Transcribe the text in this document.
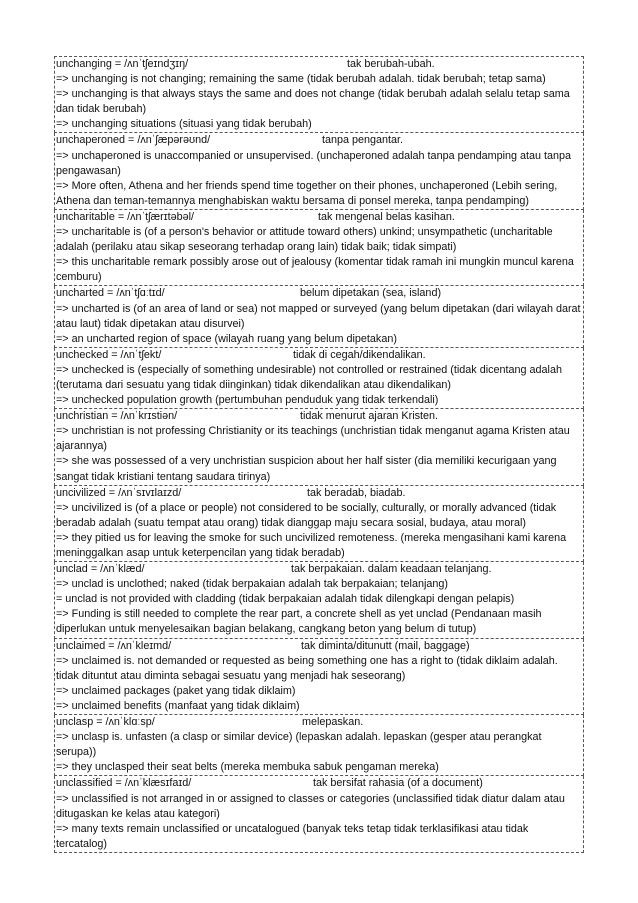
unchanging = /ʌnˈtʃeɪndʒɪŋ/	tak berubah-ubah.
=> unchanging is not changing; remaining the same (tidak berubah adalah. tidak berubah; tetap sama)
=> unchanging is that always stays the same and does not change (tidak berubah adalah selalu tetap sama dan tidak berubah)
=> unchanging situations (situasi yang tidak berubah)
unchaperoned = /ʌnˈʃæpərəʊnd/	tanpa pengantar.
=> unchaperoned is unaccompanied or unsupervised. (unchaperoned adalah tanpa pendamping atau tanpa pengawasan)
=> More often, Athena and her friends spend time together on their phones, unchaperoned (Lebih sering, Athena dan teman-temannya menghabiskan waktu bersama di ponsel mereka, tanpa pendamping)
uncharitable = /ʌnˈtʃærɪtəbəl/	tak mengenal belas kasihan.
=> uncharitable is (of a person's behavior or attitude toward others) unkind; unsympathetic (uncharitable adalah (perilaku atau sikap seseorang terhadap orang lain) tidak baik; tidak simpati)
=> this uncharitable remark possibly arose out of jealousy (komentar tidak ramah ini mungkin muncul karena cemburu)
uncharted = /ʌnˈtʃɑːtɪd/	belum dipetakan (sea, island)
=> uncharted is (of an area of land or sea) not mapped or surveyed (yang belum dipetakan (dari wilayah darat atau laut) tidak dipetakan atau disurvei)
=> an uncharted region of space (wilayah ruang yang belum dipetakan)
unchecked = /ʌnˈtʃekt/	tidak di cegah/dikendalikan.
=> unchecked is (especially of something undesirable) not controlled or restrained (tidak dicentang adalah (terutama dari sesuatu yang tidak diinginkan) tidak dikendalikan atau dikendalikan)
=> unchecked population growth (pertumbuhan penduduk yang tidak terkendali)
unchristian = /ʌnˈkrɪstiən/	tidak menurut ajaran Kristen.
=> unchristian is not professing Christianity or its teachings (unchristian tidak menganut agama Kristen atau ajarannya)
=> she was possessed of a very unchristian suspicion about her half sister (dia memiliki kecurigaan yang sangat tidak kristiani tentang saudara tirinya)
uncivilized = /ʌnˈsɪvɪlaɪzd/	tak beradab, biadab.
=> uncivilized is (of a place or people) not considered to be socially, culturally, or morally advanced (tidak beradab adalah (suatu tempat atau orang) tidak dianggap maju secara sosial, budaya, atau moral)
=> they pitied us for leaving the smoke for such uncivilized remoteness. (mereka mengasihani kami karena meninggalkan asap untuk keterpencilan yang tidak beradab)
unclad = /ʌnˈklæd/	tak berpakaian. dalam keadaan telanjang.
=> unclad is unclothed; naked (tidak berpakaian adalah tak berpakaian; telanjang)
= unclad is not provided with cladding (tidak berpakaian adalah tidak dilengkapi dengan pelapis)
=> Funding is still needed to complete the rear part, a concrete shell as yet unclad (Pendanaan masih diperlukan untuk menyelesaikan bagian belakang, cangkang beton yang belum di tutup)
unclaimed = /ʌnˈkleɪmd/	tak diminta/ditunutt (mail, baggage)
=> unclaimed is. not demanded or requested as being something one has a right to (tidak diklaim adalah. tidak dituntut atau diminta sebagai sesuatu yang menjadi hak seseorang)
=> unclaimed packages (paket yang tidak diklaim)
=> unclaimed benefits (manfaat yang tidak diklaim)
unclasp = /ʌnˈklɑːsp/	melepaskan.
=> unclasp is. unfasten (a clasp or similar device) (lepaskan adalah. lepaskan (gesper atau perangkat serupa))
=> they unclasped their seat belts (mereka membuka sabuk pengaman mereka)
unclassified = /ʌnˈklæsɪfaɪd/	tak bersifat rahasia (of a document)
=> unclassified is not arranged in or assigned to classes or categories (unclassified tidak diatur dalam atau ditugaskan ke kelas atau kategori)
=> many texts remain unclassified or uncatalogued (banyak teks tetap tidak terklasifikasi atau tidak tercatalog)
